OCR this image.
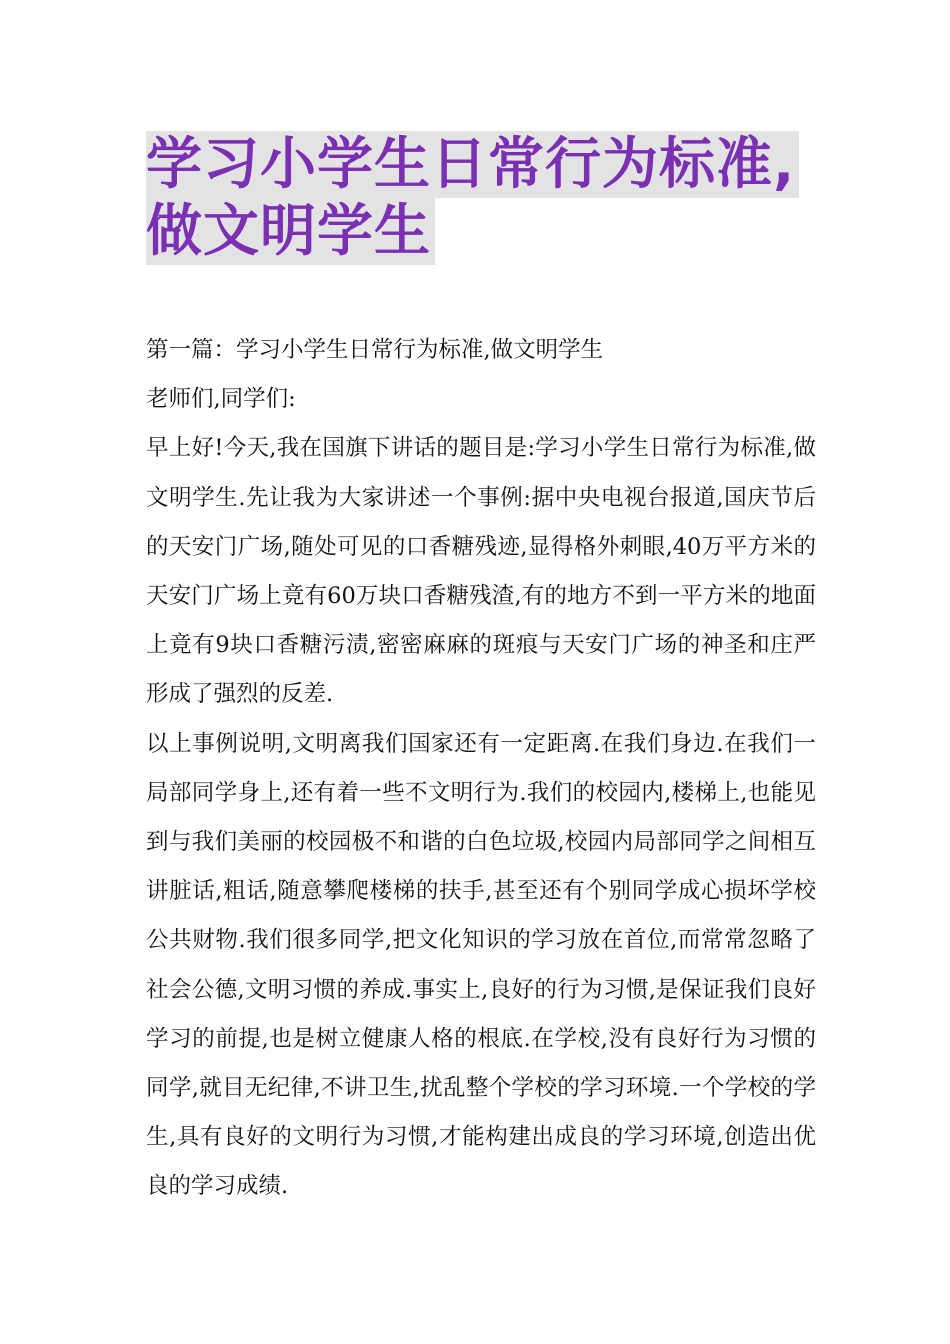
学习小学生日常行为标准,
做文明学生

第一篇：学习小学生日常行为标准,做文明学生

老师们,同学们:

早上好!今天,我在国旗下讲话的题目是:学习小学生日常行为标准,做文明学生.先让我为大家讲述一个事例:据中央电视台报道,国庆节后的天安门广场,随处可见的口香糖残迹,显得格外刺眼,40万平方米的天安门广场上竟有60万块口香糖残渣,有的地方不到一平方米的地面上竟有9块口香糖污渍,密密麻麻的斑痕与天安门广场的神圣和庄严形成了强烈的反差.

以上事例说明,文明离我们国家还有一定距离.在我们身边.在我们一局部同学身上,还有着一些不文明行为.我们的校园内,楼梯上,也能见到与我们美丽的校园极不和谐的白色垃圾,校园内局部同学之间相互讲脏话,粗话,随意攀爬楼梯的扶手,甚至还有个别同学成心损坏学校公共财物.我们很多同学,把文化知识的学习放在首位,而常常忽略了社会公德,文明习惯的养成.事实上,良好的行为习惯,是保证我们良好学习的前提,也是树立健康人格的根底.在学校,没有良好行为习惯的同学,就目无纪律,不讲卫生,扰乱整个学校的学习环境.一个学校的学生,具有良好的文明行为习惯,才能构建出成良的学习环境,创造出优良的学习成绩.
